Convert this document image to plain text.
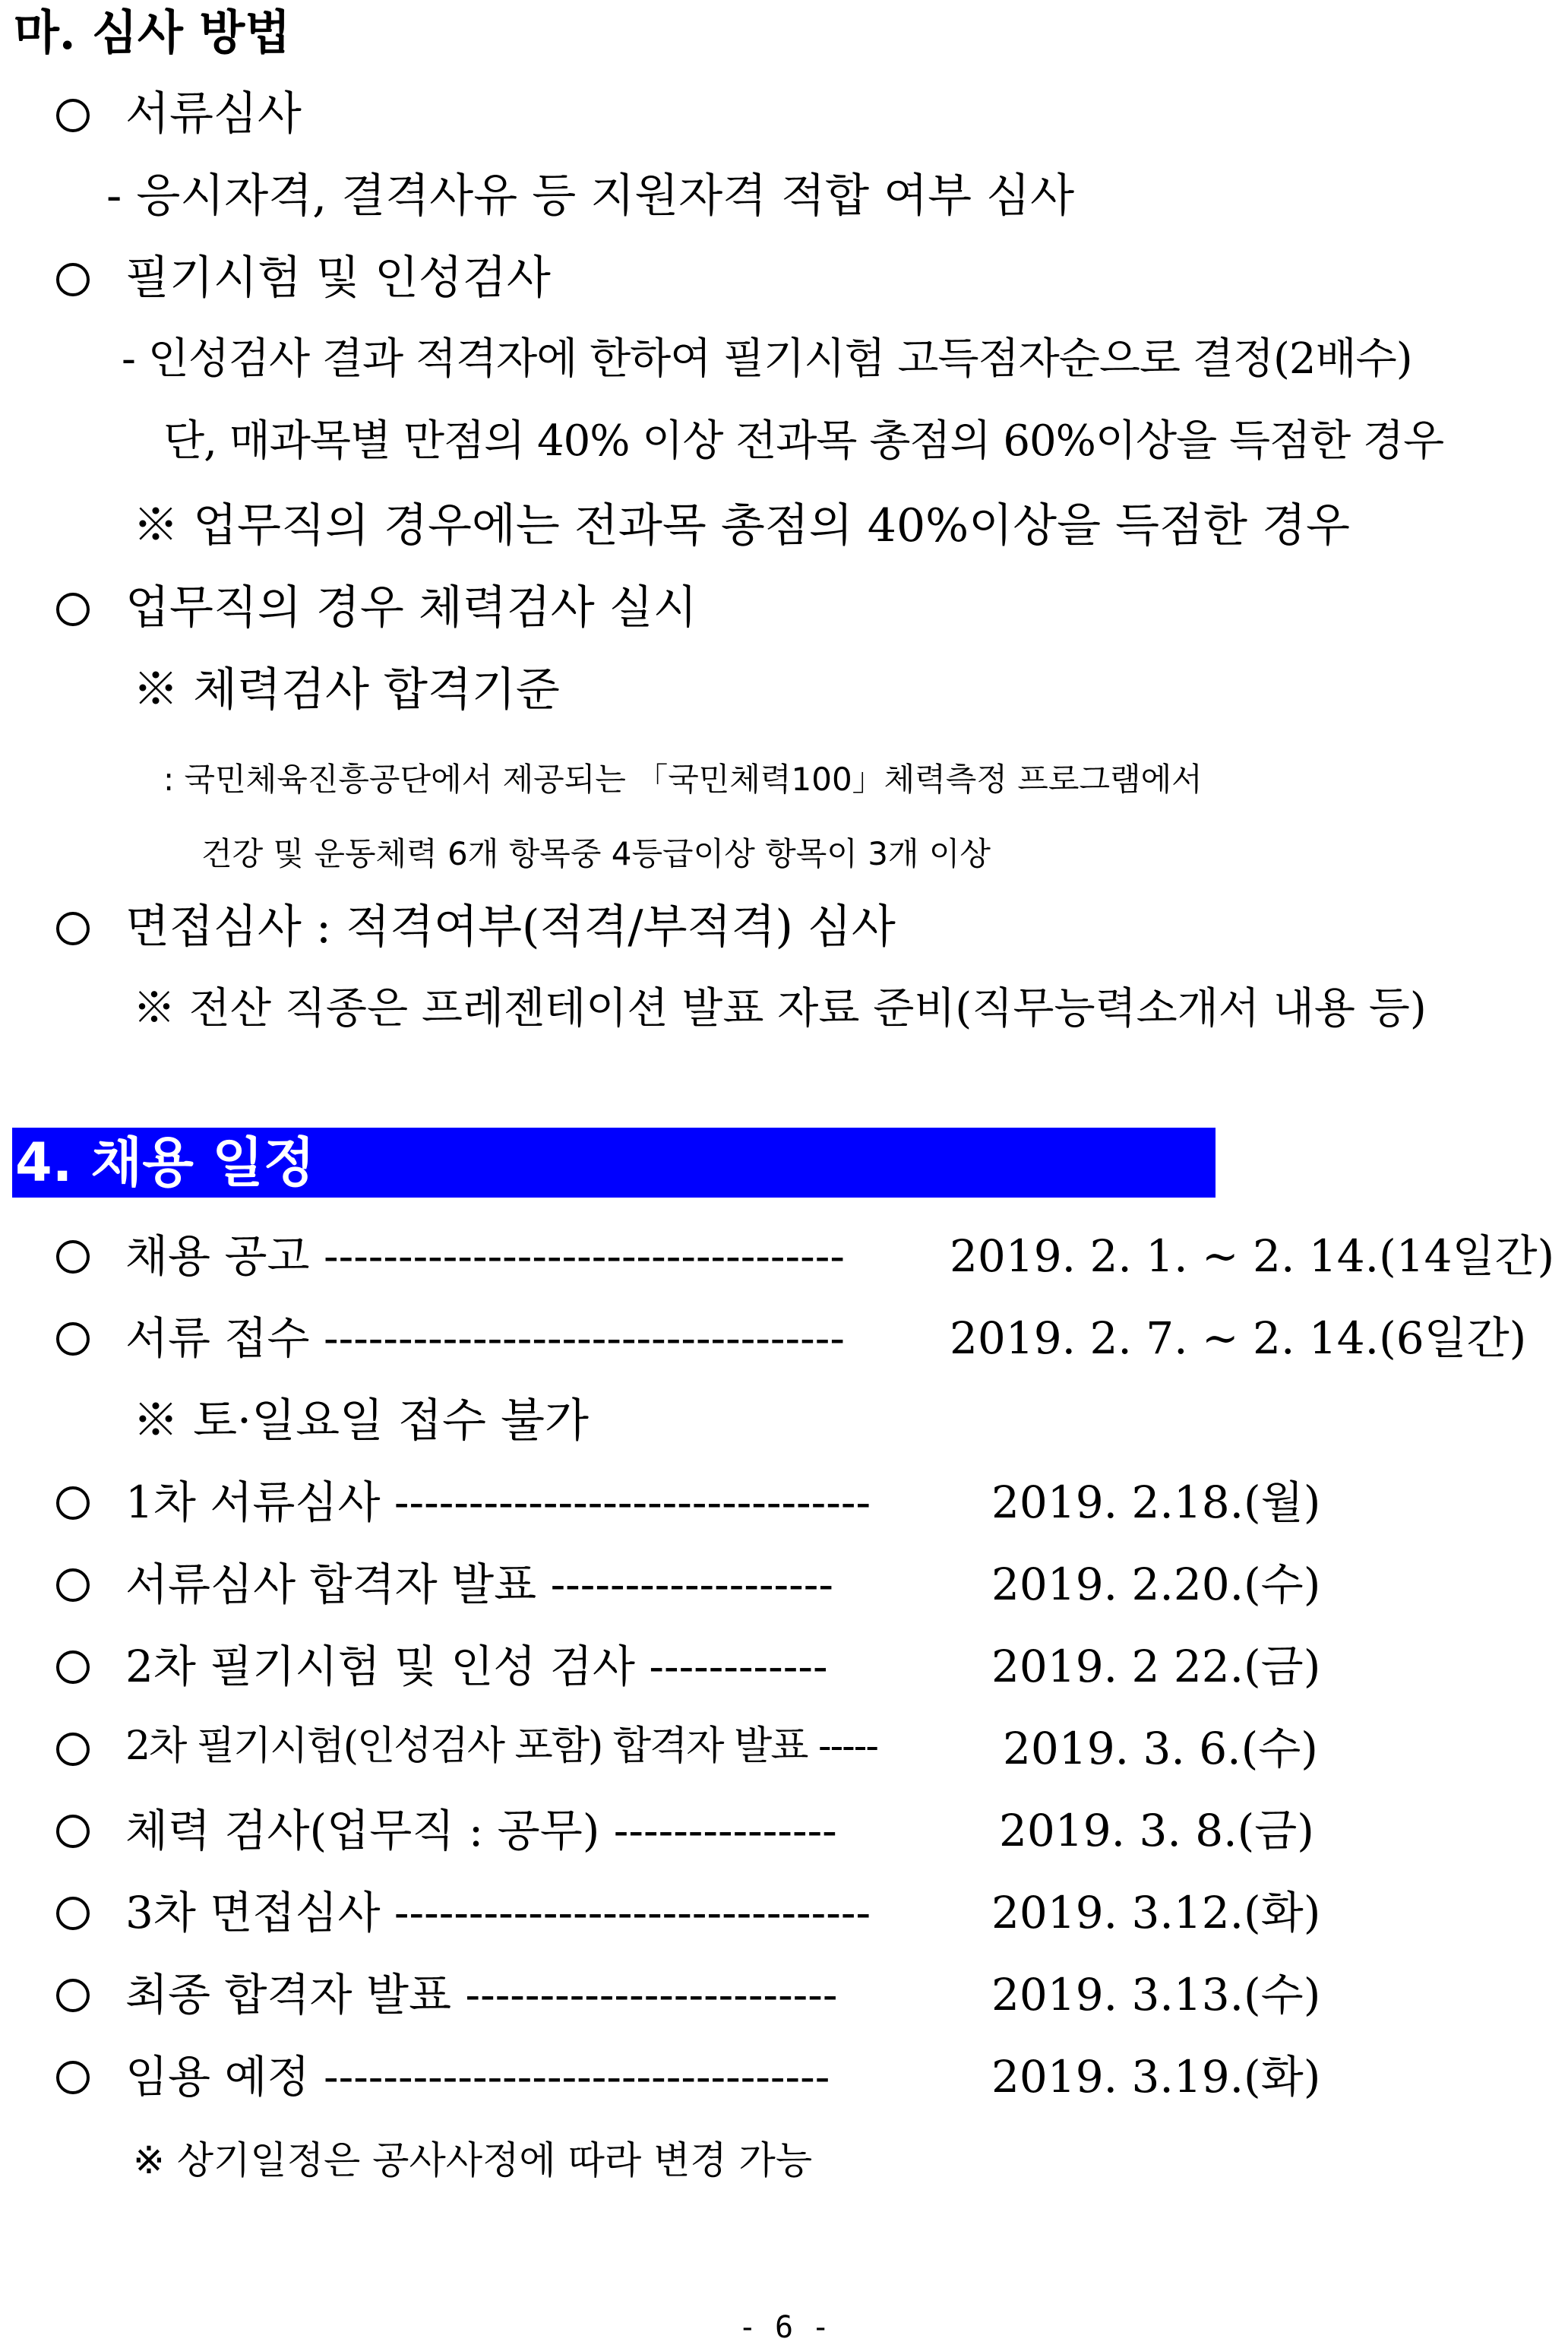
마. 심사 방법
서류심사
- 응시자격, 결격사유 등 지원자격 적합 여부 심사
필기시험 및 인성검사
- 인성검사 결과 적격자에 한하여 필기시험 고득점자순으로 결정(2배수)
단, 매과목별 만점의 40% 이상 전과목 총점의 60%이상을 득점한 경우
※ 업무직의 경우에는 전과목 총점의 40%이상을 득점한 경우
업무직의 경우 체력검사 실시
※ 체력검사 합격기준
: 국민체육진흥공단에서 제공되는 「국민체력100」체력측정 프로그램에서
건강 및 운동체력 6개 항목중 4등급이상 항목이 3개 이상
면접심사 : 적격여부(적격/부적격) 심사
※ 전산 직종은 프레젠테이션 발표 자료 준비(직무능력소개서 내용 등)
4. 채용 일정
채용 공고 ----------------------------------- 2019. 2. 1. ~ 2. 14.(14일간)
서류 접수 ----------------------------------- 2019. 2. 7. ~ 2. 14.(6일간)
※ 토·일요일 접수 불가
1차 서류심사 --------------------------------	2019. 2.18.(월)
서류심사 합격자 발표 -------------------	2019. 2.20.(수)
2차 필기시험 및 인성 검사 ------------	2019. 2 22.(금)
2차 필기시험(인성검사 포함) 합격자 발표 -----	2019. 3. 6.(수)
체력 검사(업무직 : 공무) ---------------	2019. 3. 8.(금)
3차 면접심사 --------------------------------	2019. 3.12.(화)
최종 합격자 발표 -------------------------	2019. 3.13.(수)
임용 예정 ----------------------------------	2019. 3.19.(화)
※ 상기일정은 공사사정에 따라 변경 가능
- 6 -
